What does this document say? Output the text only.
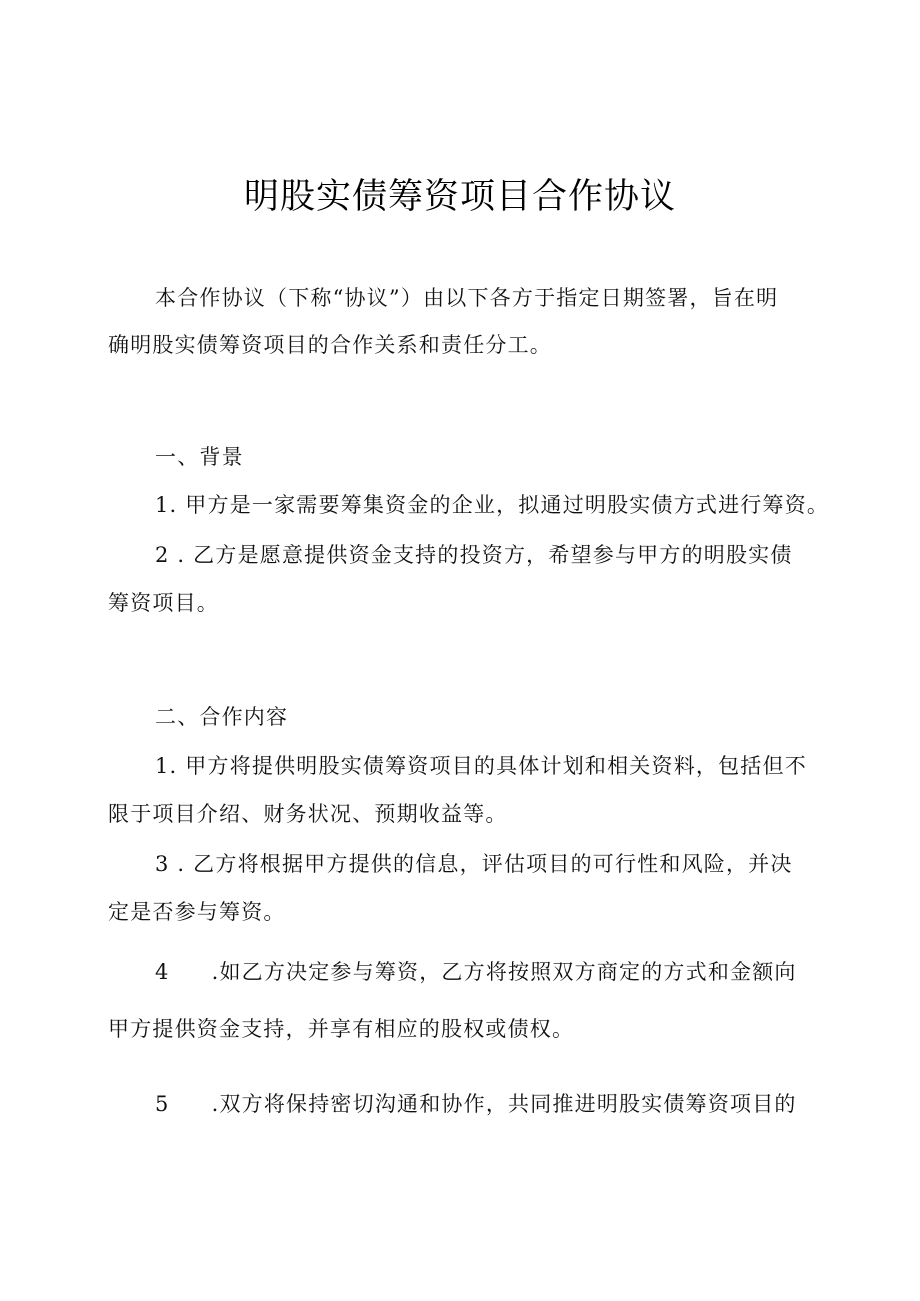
明股实债筹资项目合作协议
本合作协议（下称“协议”）由以下各方于指定日期签署，旨在明
确明股实债筹资项目的合作关系和责任分工。
一、背景
1. 甲方是一家需要筹集资金的企业，拟通过明股实债方式进行筹资。
2 . 乙方是愿意提供资金支持的投资方，希望参与甲方的明股实债
筹资项目。
二、合作内容
1. 甲方将提供明股实债筹资项目的具体计划和相关资料，包括但不
限于项目介绍、财务状况、预期收益等。
3 . 乙方将根据甲方提供的信息，评估项目的可行性和风险，并决
定是否参与筹资。
4 .如乙方决定参与筹资，乙方将按照双方商定的方式和金额向
甲方提供资金支持，并享有相应的股权或债权。
5 .双方将保持密切沟通和协作，共同推进明股实债筹资项目的
